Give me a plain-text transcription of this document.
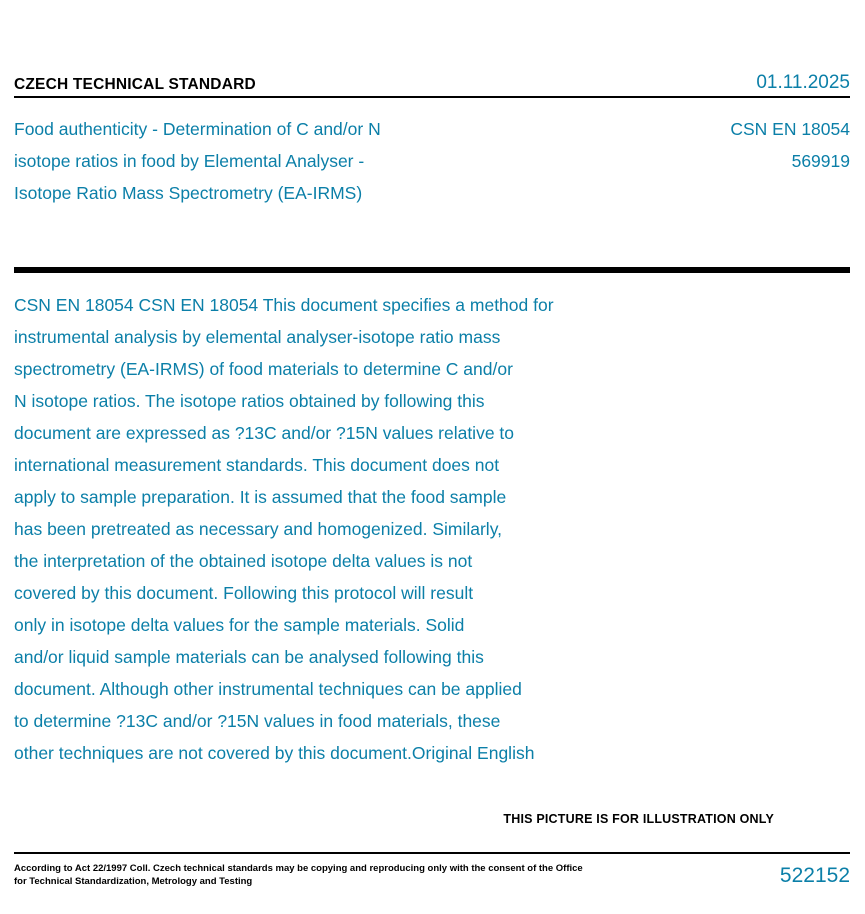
CZECH TECHNICAL STANDARD	01.11.2025
Food authenticity - Determination of C and/or N
isotope ratios in food by Elemental Analyser -
Isotope Ratio Mass Spectrometry (EA-IRMS)
CSN EN 18054
569919
CSN EN 18054 CSN EN 18054 This document specifies a method for
instrumental analysis by elemental analyser-isotope ratio mass
spectrometry (EA-IRMS) of food materials to determine C and/or
N isotope ratios. The isotope ratios obtained by following this
document are expressed as ?13C and/or ?15N values relative to
international measurement standards. This document does not
apply to sample preparation. It is assumed that the food sample
has been pretreated as necessary and homogenized. Similarly,
the interpretation of the obtained isotope delta values is not
covered by this document. Following this protocol will result
only in isotope delta values for the sample materials. Solid
and/or liquid sample materials can be analysed following this
document. Although other instrumental techniques can be applied
to determine ?13C and/or ?15N values in food materials, these
other techniques are not covered by this document.Original English
THIS PICTURE IS FOR ILLUSTRATION ONLY
According to Act 22/1997 Coll. Czech technical standards may be copying and reproducing only with the consent of the Office
for Technical Standardization, Metrology and Testing	522152
